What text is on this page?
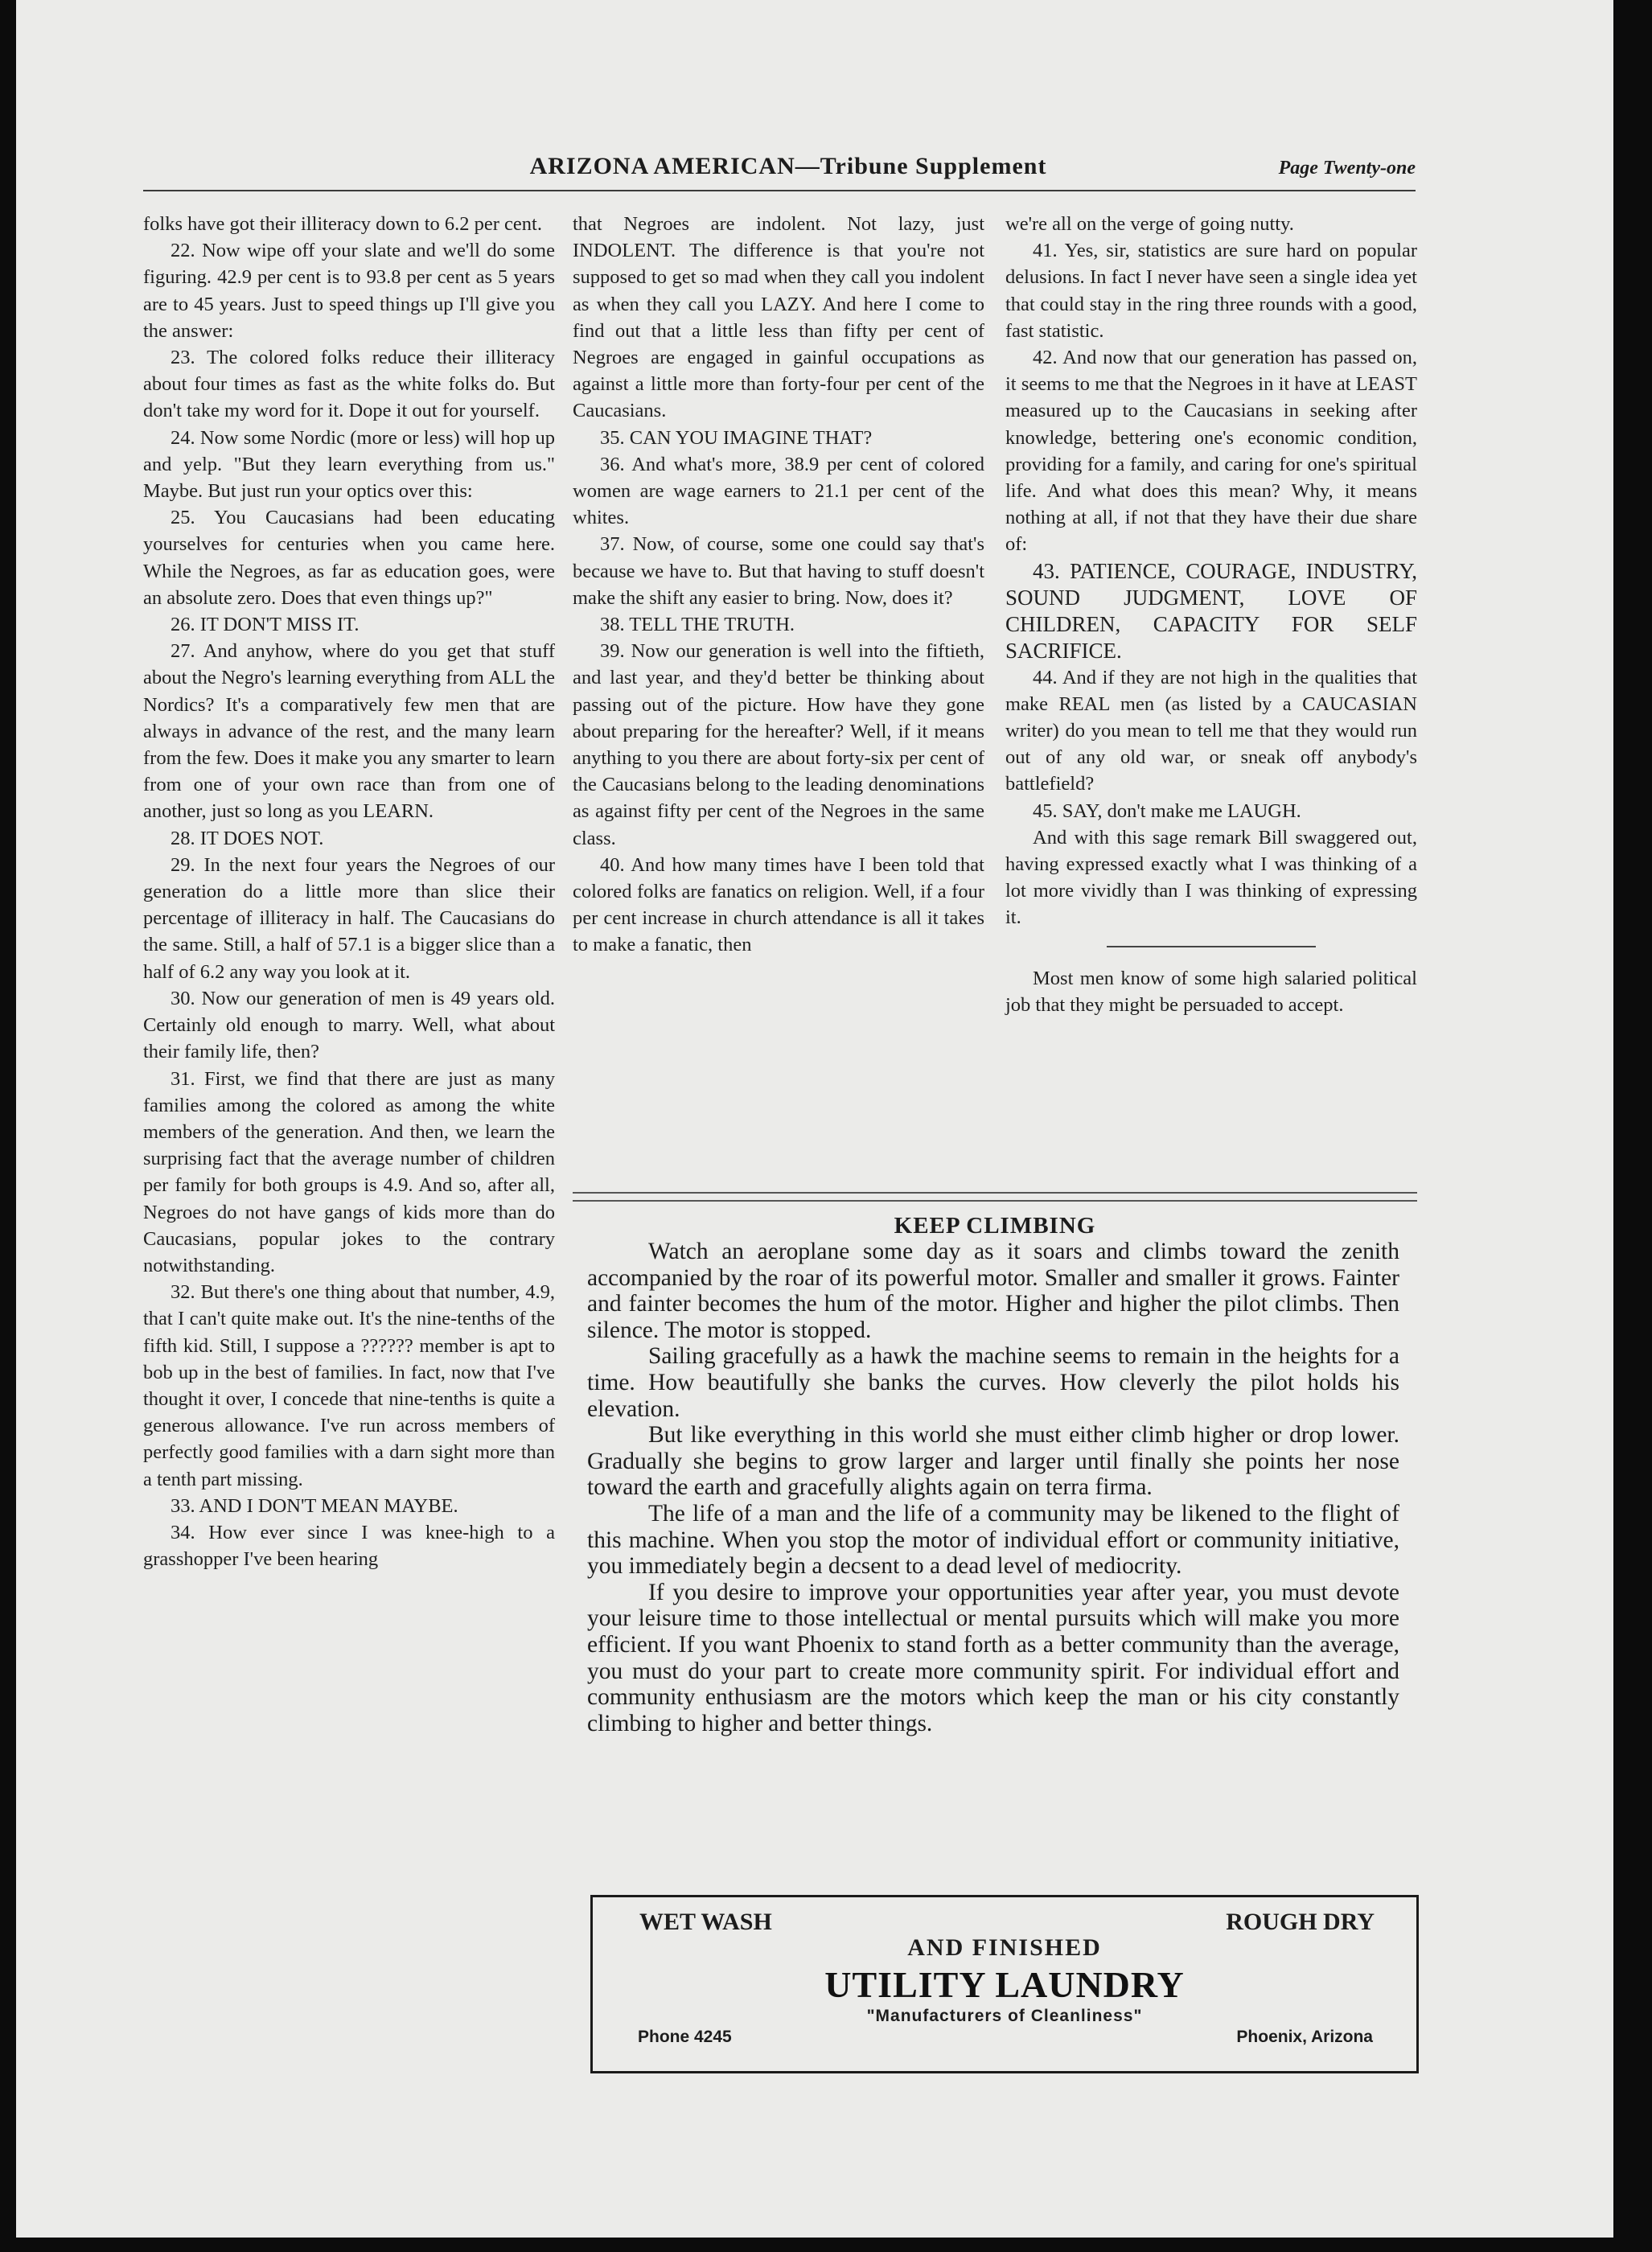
ARIZONA AMERICAN—Tribune Supplement	Page Twenty-one

folks have got their illiteracy down to 6.2 per cent.

22. Now wipe off your slate and we'll do some figuring. 42.9 per cent is to 93.8 per cent as 5 years are to 45 years. Just to speed things up I'll give you the answer:

23. The colored folks reduce their illiteracy about four times as fast as the white folks do. But don't take my word for it. Dope it out for yourself.

24. Now some Nordic (more or less) will hop up and yelp. "But they learn everything from us." Maybe. But just run your optics over this:

25. You Caucasians had been educating yourselves for centuries when you came here. While the Negroes, as far as education goes, were an absolute zero. Does that even things up?"

26. IT DON'T MISS IT.

27. And anyhow, where do you get that stuff about the Negro's learning everything from ALL the Nordics? It's a comparatively few men that are always in advance of the rest, and the many learn from the few. Does it make you any smarter to learn from one of your own race than from one of another, just so long as you LEARN.

28. IT DOES NOT.

29. In the next four years the Negroes of our generation do a little more than slice their percentage of illiteracy in half. The Caucasians do the same. Still, a half of 57.1 is a bigger slice than a half of 6.2 any way you look at it.

30. Now our generation of men is 49 years old. Certainly old enough to marry. Well, what about their family life, then?

31. First, we find that there are just as many families among the colored as among the white members of the generation. And then, we learn the surprising fact that the average number of children per family for both groups is 4.9. And so, after all, Negroes do not have gangs of kids more than do Caucasians, popular jokes to the contrary notwithstanding.

32. But there's one thing about that number, 4.9, that I can't quite make out. It's the nine-tenths of the fifth kid. Still, I suppose a ?????? member is apt to bob up in the best of families. In fact, now that I've thought it over, I concede that nine-tenths is quite a generous allowance. I've run across members of perfectly good families with a darn sight more than a tenth part missing.

33. AND I DON'T MEAN MAYBE.

34. How ever since I was knee-high to a grasshopper I've been hearing

that Negroes are indolent. Not lazy, just INDOLENT. The difference is that you're not supposed to get so mad when they call you indolent as when they call you LAZY. And here I come to find out that a little less than fifty per cent of Negroes are engaged in gainful occupations as against a little more than forty-four per cent of the Caucasians.

35. CAN YOU IMAGINE THAT?

36. And what's more, 38.9 per cent of colored women are wage earners to 21.1 per cent of the whites.

37. Now, of course, some one could say that's because we have to. But that having to stuff doesn't make the shift any easier to bring. Now, does it?

38. TELL THE TRUTH.

39. Now our generation is well into the fiftieth, and last year, and they'd better be thinking about passing out of the picture. How have they gone about preparing for the hereafter? Well, if it means anything to you there are about forty-six per cent of the Caucasians belong to the leading denominations as against fifty per cent of the Negroes in the same class.

40. And how many times have I been told that colored folks are fanatics on religion. Well, if a four per cent increase in church attendance is all it takes to make a fanatic, then

we're all on the verge of going nutty.

41. Yes, sir, statistics are sure hard on popular delusions. In fact I never have seen a single idea yet that could stay in the ring three rounds with a good, fast statistic.

42. And now that our generation has passed on, it seems to me that the Negroes in it have at LEAST measured up to the Caucasians in seeking after knowledge, bettering one's economic condition, providing for a family, and caring for one's spiritual life. And what does this mean? Why, it means nothing at all, if not that they have their due share of:

43. PATIENCE, COURAGE, INDUSTRY, SOUND JUDGMENT, LOVE OF CHILDREN, CAPACITY FOR SELF SACRIFICE.

44. And if they are not high in the qualities that make REAL men (as listed by a CAUCASIAN writer) do you mean to tell me that they would run out of any old war, or sneak off anybody's battlefield?

45. SAY, don't make me LAUGH.

And with this sage remark Bill swaggered out, having expressed exactly what I was thinking of a lot more vividly than I was thinking of expressing it.

Most men know of some high salaried political job that they might be persuaded to accept.

KEEP CLIMBING

Watch an aeroplane some day as it soars and climbs toward the zenith accompanied by the roar of its powerful motor. Smaller and smaller it grows. Fainter and fainter becomes the hum of the motor. Higher and higher the pilot climbs. Then silence. The motor is stopped.

Sailing gracefully as a hawk the machine seems to remain in the heights for a time. How beautifully she banks the curves. How cleverly the pilot holds his elevation.

But like everything in this world she must either climb higher or drop lower. Gradually she begins to grow larger and larger until finally she points her nose toward the earth and gracefully alights again on terra firma.

The life of a man and the life of a community may be likened to the flight of this machine. When you stop the motor of individual effort or community initiative, you immediately begin a decsent to a dead level of mediocrity.

If you desire to improve your opportunities year after year, you must devote your leisure time to those intellectual or mental pursuits which will make you more efficient. If you want Phoenix to stand forth as a better community than the average, you must do your part to create more community spirit. For individual effort and community enthusiasm are the motors which keep the man or his city constantly climbing to higher and better things.

WET WASH	ROUGH DRY
AND FINISHED
UTILITY LAUNDRY
"Manufacturers of Cleanliness"
Phone 4245	Phoenix, Arizona
